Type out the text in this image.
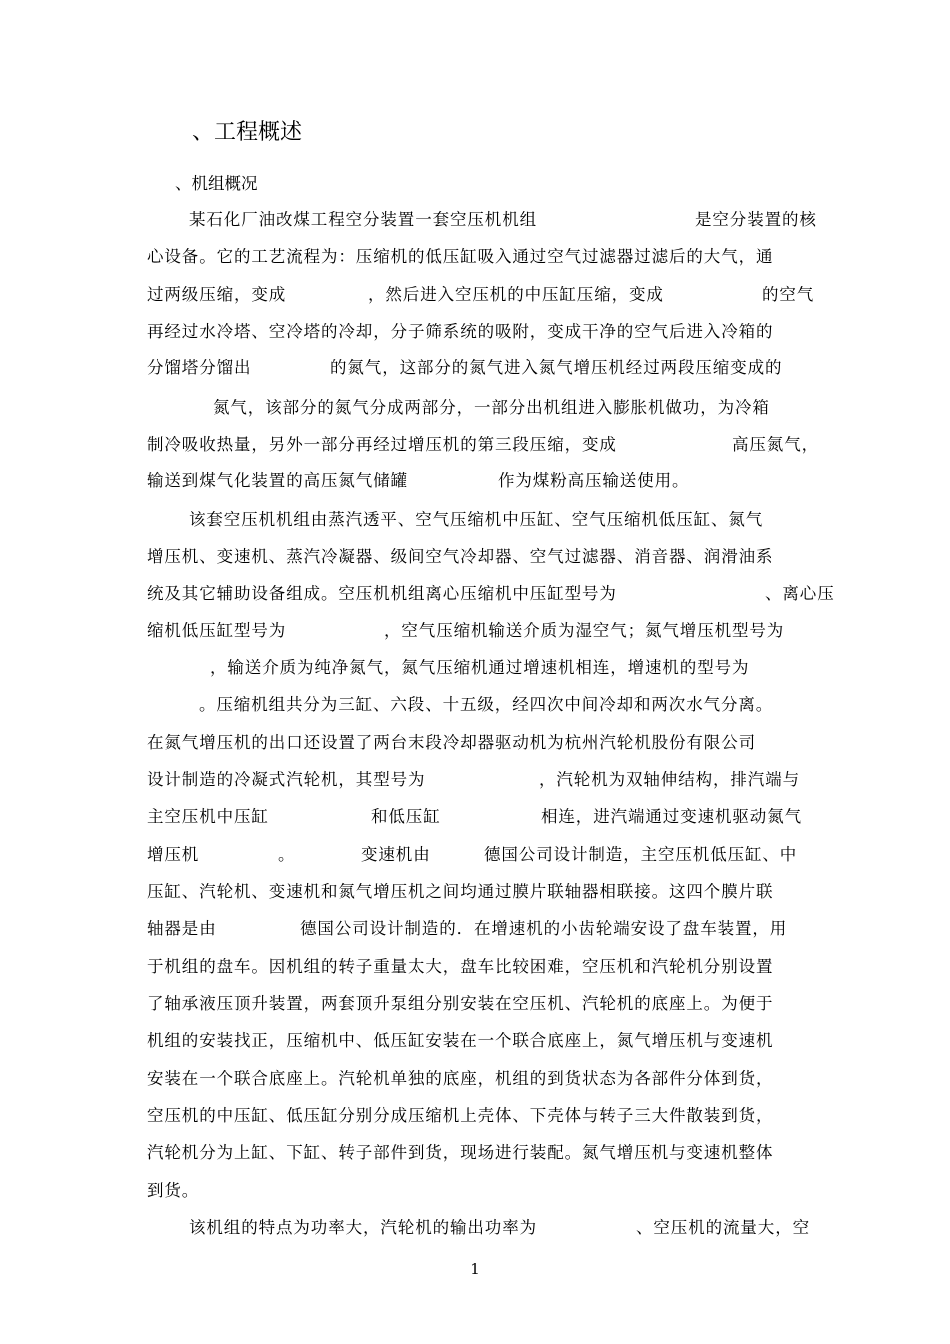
、工程概述
、机组概况
某石化厂油改煤工程空分装置一套空压机机组	是空分装置的核
心设备。它的工艺流程为：压缩机的低压缸吸入通过空气过滤器过滤后的大气，通
过两级压缩，变成	，然后进入空压机的中压缸压缩，变成	的空气
再经过水冷塔、空冷塔的冷却，分子筛系统的吸附，变成干净的空气后进入冷箱的
分馏塔分馏出	的氮气，这部分的氮气进入氮气增压机经过两段压缩变成的
氮气，该部分的氮气分成两部分，一部分出机组进入膨胀机做功，为冷箱
制冷吸收热量，另外一部分再经过增压机的第三段压缩，变成	高压氮气，
输送到煤气化装置的高压氮气储罐	作为煤粉高压输送使用。
该套空压机机组由蒸汽透平、空气压缩机中压缸、空气压缩机低压缸、氮气
增压机、变速机、蒸汽冷凝器、级间空气冷却器、空气过滤器、消音器、润滑油系
统及其它辅助设备组成。空压机机组离心压缩机中压缸型号为	、离心压
缩机低压缸型号为	，空气压缩机输送介质为湿空气；氮气增压机型号为
，输送介质为纯净氮气，氮气压缩机通过增速机相连，增速机的型号为
。压缩机组共分为三缸、六段、十五级，经四次中间冷却和两次水气分离。
在氮气增压机的出口还设置了两台末段冷却器驱动机为杭州汽轮机股份有限公司
设计制造的冷凝式汽轮机，其型号为	，汽轮机为双轴伸结构，排汽端与
主空压机中压缸	和低压缸	相连，进汽端通过变速机驱动氮气
增压机	。	变速机由	德国公司设计制造，主空压机低压缸、中
压缸、汽轮机、变速机和氮气增压机之间均通过膜片联轴器相联接。这四个膜片联
轴器是由	德国公司设计制造的．在增速机的小齿轮端安设了盘车装置，用
于机组的盘车。因机组的转子重量太大，盘车比较困难，空压机和汽轮机分别设置
了轴承液压顶升装置，两套顶升泵组分别安装在空压机、汽轮机的底座上。为便于
机组的安装找正，压缩机中、低压缸安装在一个联合底座上，氮气增压机与变速机
安装在一个联合底座上。汽轮机单独的底座，机组的到货状态为各部件分体到货，
空压机的中压缸、低压缸分别分成压缩机上壳体、下壳体与转子三大件散装到货，
汽轮机分为上缸、下缸、转子部件到货，现场进行装配。氮气增压机与变速机整体
到货。
该机组的特点为功率大，汽轮机的输出功率为	、空压机的流量大，空
1
